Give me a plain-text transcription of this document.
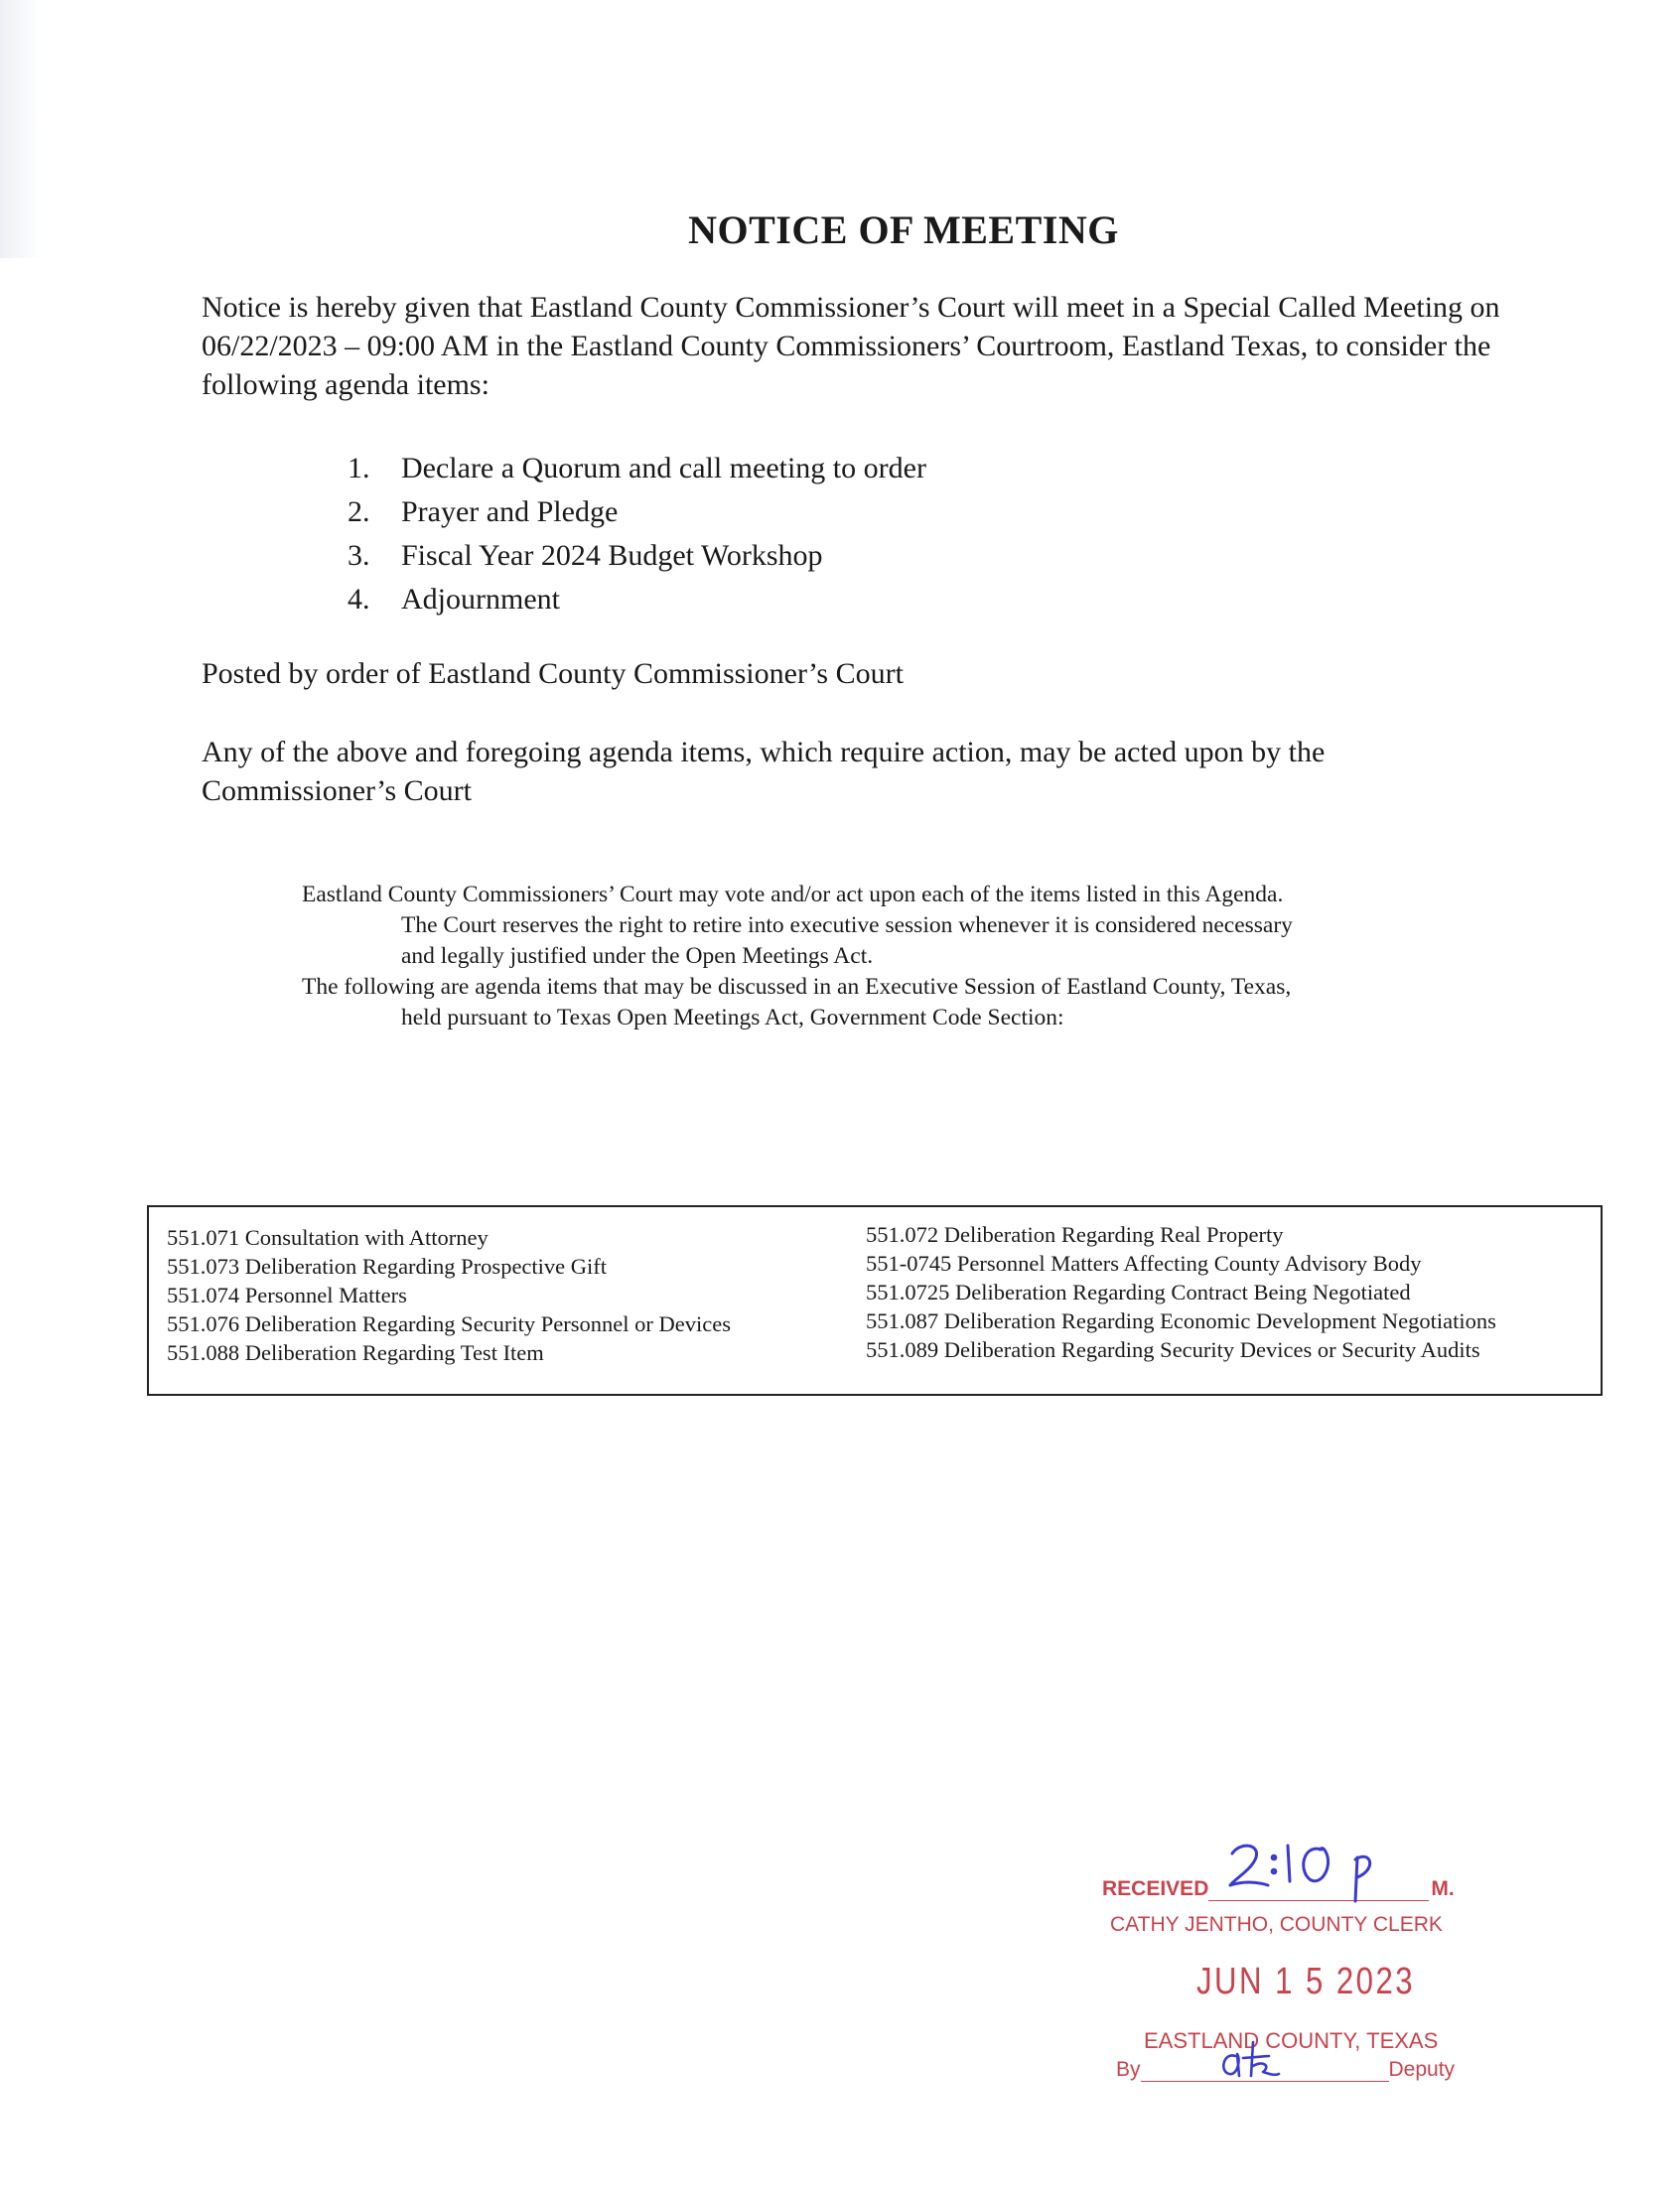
NOTICE OF MEETING

Notice is hereby given that Eastland County Commissioner’s Court will meet in a Special Called Meeting on 06/22/2023 – 09:00 AM in the Eastland County Commissioners’ Courtroom, Eastland Texas, to consider the following agenda items:

1. Declare a Quorum and call meeting to order
2. Prayer and Pledge
3. Fiscal Year 2024 Budget Workshop
4. Adjournment

Posted by order of Eastland County Commissioner’s Court

Any of the above and foregoing agenda items, which require action, may be acted upon by the Commissioner’s Court

Eastland County Commissioners’ Court may vote and/or act upon each of the items listed in this Agenda.
The Court reserves the right to retire into executive session whenever it is considered necessary
and legally justified under the Open Meetings Act.
The following are agenda items that may be discussed in an Executive Session of Eastland County, Texas,
held pursuant to Texas Open Meetings Act, Government Code Section:
551.071 Consultation with Attorney
551.073 Deliberation Regarding Prospective Gift
551.074 Personnel Matters
551.076 Deliberation Regarding Security Personnel or Devices
551.088 Deliberation Regarding Test Item
551.072 Deliberation Regarding Real Property
551-0745 Personnel Matters Affecting County Advisory Body
551.0725 Deliberation Regarding Contract Being Negotiated
551.087 Deliberation Regarding Economic Development Negotiations
551.089 Deliberation Regarding Security Devices or Security Audits
RECEIVED	M.
CATHY JENTHO, COUNTY CLERK
JUN 1 5 2023
EASTLAND COUNTY, TEXAS
By	Deputy
